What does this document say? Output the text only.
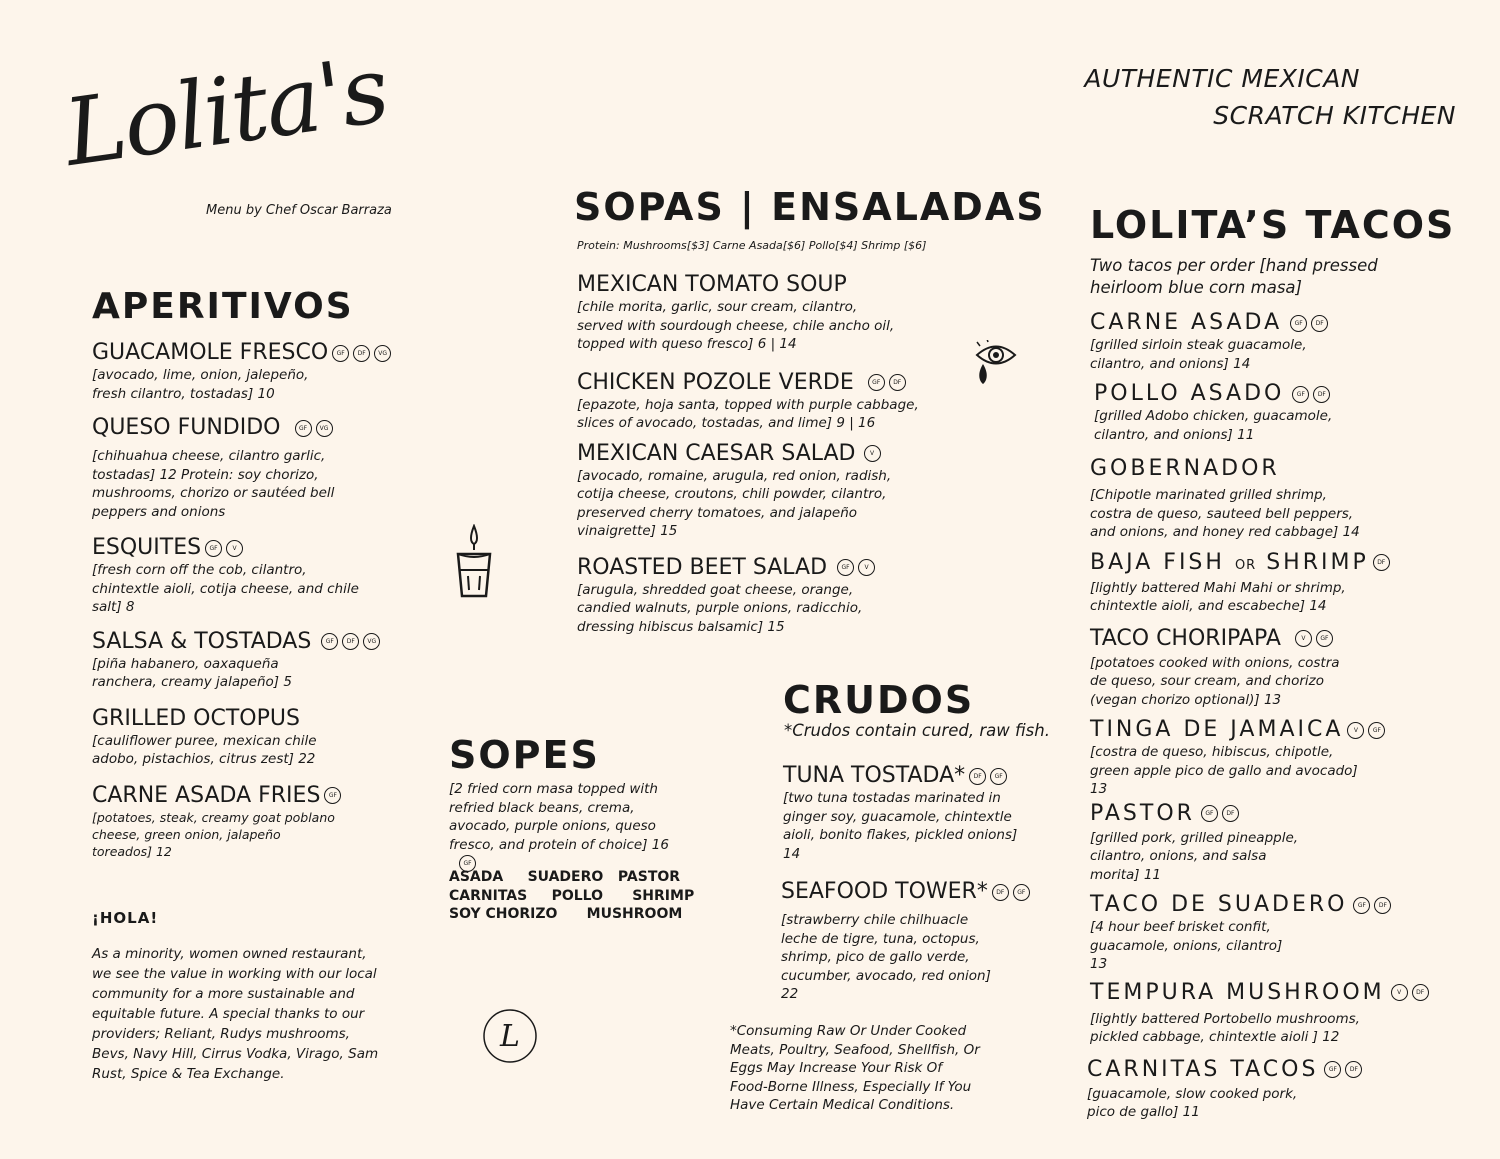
Lolita's
Menu by Chef Oscar Barraza
AUTHENTIC MEXICAN
SCRATCH KITCHEN
APERITIVOS
GUACAMOLE FRESCO GF DF VG
[avocado, lime, onion, jalepeño, fresh cilantro, tostadas] 10
QUESO FUNDIDO	GF VG
[chihuahua cheese, cilantro garlic, tostadas] 12 Protein: soy chorizo, mushrooms, chorizo or sautéed bell peppers and onions
ESQUITES GF V
[fresh corn off the cob, cilantro, chintextle aioli, cotija cheese, and chile salt] 8
SALSA & TOSTADAS GF DF VG
[piña habanero, oaxaqueña ranchera, creamy jalapeño] 5
GRILLED OCTOPUS
[cauliflower puree, mexican chile adobo, pistachios, citrus zest] 22
CARNE ASADA FRIES GF
[potatoes, steak, creamy goat poblano cheese, green onion, jalapeño toreados] 12
¡HOLA!
As a minority, women owned restaurant, we see the value in working with our local community for a more sustainable and equitable future. A special thanks to our providers; Reliant, Rudys mushrooms, Bevs, Navy Hill, Cirrus Vodka, Virago, Sam Rust, Spice & Tea Exchange.
L
SOPAS | ENSALADAS
Protein: Mushrooms[$3] Carne Asada[$6] Pollo[$4] Shrimp [$6]
MEXICAN TOMATO SOUP
[chile morita, garlic, sour cream, cilantro, served with sourdough cheese, chile ancho oil, topped with queso fresco] 6 | 14
CHICKEN POZOLE VERDE	GF DF
[epazote, hoja santa, topped with purple cabbage, slices of avocado, tostadas, and lime] 9 | 16
MEXICAN CAESAR SALAD V
[avocado, romaine, arugula, red onion, radish, cotija cheese, croutons, chili powder, cilantro, preserved cherry tomatoes, and jalapeño vinaigrette] 15
ROASTED BEET SALAD GF V
[arugula, shredded goat cheese, orange, candied walnuts, purple onions, radicchio, dressing hibiscus balsamic] 15
SOPES
[2 fried corn masa topped with refried black beans, crema, avocado, purple onions, queso fresco, and protein of choice] 16GF
ASADA     SUADERO   PASTOR
CARNITAS     POLLO      SHRIMP
SOY CHORIZO      MUSHROOM
CRUDOS
*Crudos contain cured, raw fish.
TUNA TOSTADA* DF GF
[two tuna tostadas marinated in ginger soy, guacamole, chintextle aioli, bonito flakes, pickled onions] 14
SEAFOOD TOWER* DF GF
[strawberry chile chilhuacle leche de tigre, tuna, octopus, shrimp, pico de gallo verde, cucumber, avocado, red onion] 22
*Consuming Raw Or Under Cooked Meats, Poultry, Seafood, Shellfish, Or Eggs May Increase Your Risk Of Food-Borne Illness, Especially If You Have Certain Medical Conditions.
LOLITA’S TACOS
Two tacos per order [hand pressed heirloom blue corn masa]
CARNE ASADA GF DF
[grilled sirloin steak guacamole, cilantro, and onions] 14
POLLO ASADO GF DF
[grilled Adobo chicken, guacamole, cilantro, and onions] 11
GOBERNADOR
[Chipotle marinated grilled shrimp, costra de queso, sauteed bell peppers, and onions, and honey red cabbage] 14
BAJA FISH OR SHRIMP DF
[lightly battered Mahi Mahi or shrimp, chintextle aioli, and escabeche] 14
TACO CHORIPAPA	V GF
[potatoes cooked with onions, costra de queso, sour cream, and chorizo (vegan chorizo optional)] 13
TINGA DE JAMAICA V GF
[costra de queso, hibiscus, chipotle, green apple pico de gallo and avocado] 13
PASTOR GF DF
[grilled pork, grilled pineapple, cilantro, onions, and salsa morita] 11
TACO DE SUADERO GF DF
[4 hour beef brisket confit, guacamole, onions, cilantro] 13
TEMPURA MUSHROOM V DF
[lightly battered Portobello mushrooms, pickled cabbage, chintextle aioli ] 12
CARNITAS TACOS GF DF
[guacamole, slow cooked pork, pico de gallo] 11
